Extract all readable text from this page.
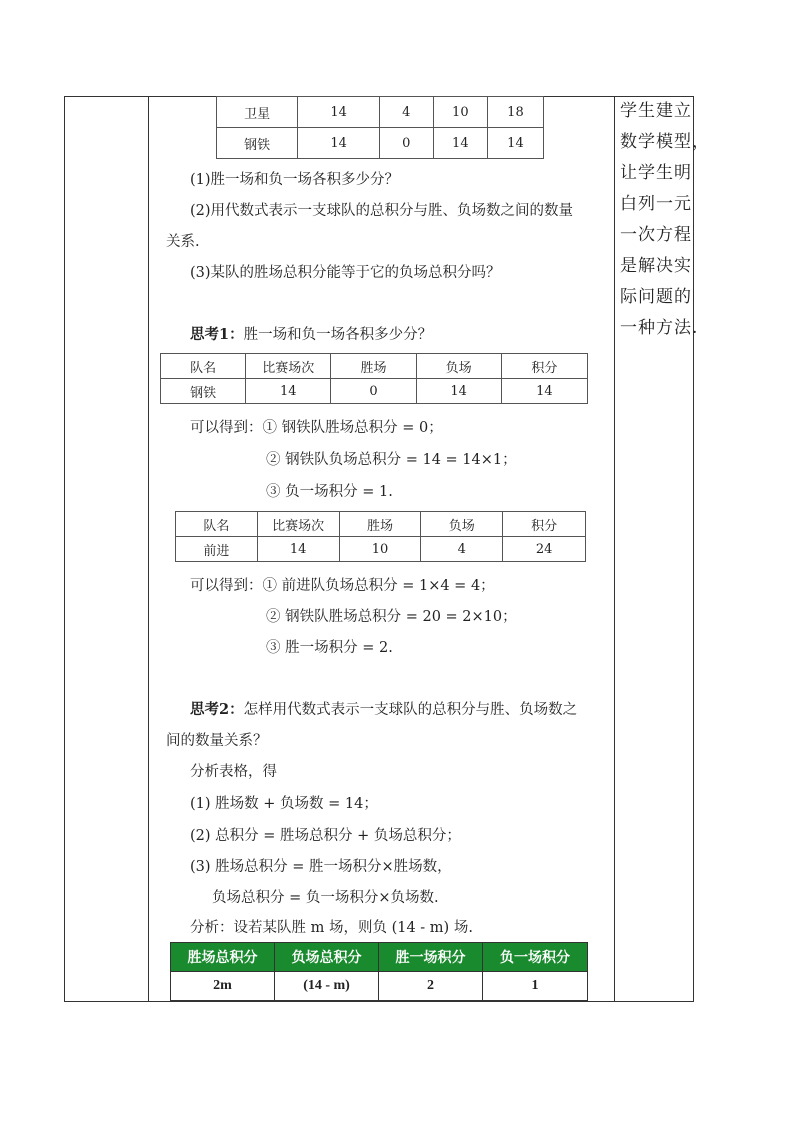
卫星	14	4	10	18
钢铁	14	0	14	14
(1)胜一场和负一场各积多少分？
(2)用代数式表示一支球队的总积分与胜、负场数之间的数量
关系.
(3)某队的胜场总积分能等于它的负场总积分吗？
思考1：胜一场和负一场各积多少分？
队名	比赛场次	胜场	负场	积分
钢铁	14	0	14	14
可以得到：① 钢铁队胜场总积分 = 0；
② 钢铁队负场总积分 = 14 = 14×1；
③ 负一场积分 = 1.
队名	比赛场次	胜场	负场	积分
前进	14	10	4	24
可以得到：① 前进队负场总积分 = 1×4 = 4；
② 钢铁队胜场总积分 = 20 = 2×10；
③ 胜一场积分 = 2.
思考2：怎样用代数式表示一支球队的总积分与胜、负场数之
间的数量关系？
分析表格，得
(1) 胜场数 + 负场数 = 14；
(2) 总积分 = 胜场总积分 + 负场总积分；
(3) 胜场总积分 = 胜一场积分×胜场数，
负场总积分 = 负一场积分×负场数.
分析：设若某队胜 m 场，则负 (14 - m) 场.
胜场总积分	负场总积分	胜一场积分	负一场积分
2m	(14 - m)	2	1
学生建立
数学模型，
让学生明
白列一元
一次方程
是解决实
际问题的
一种方法.
